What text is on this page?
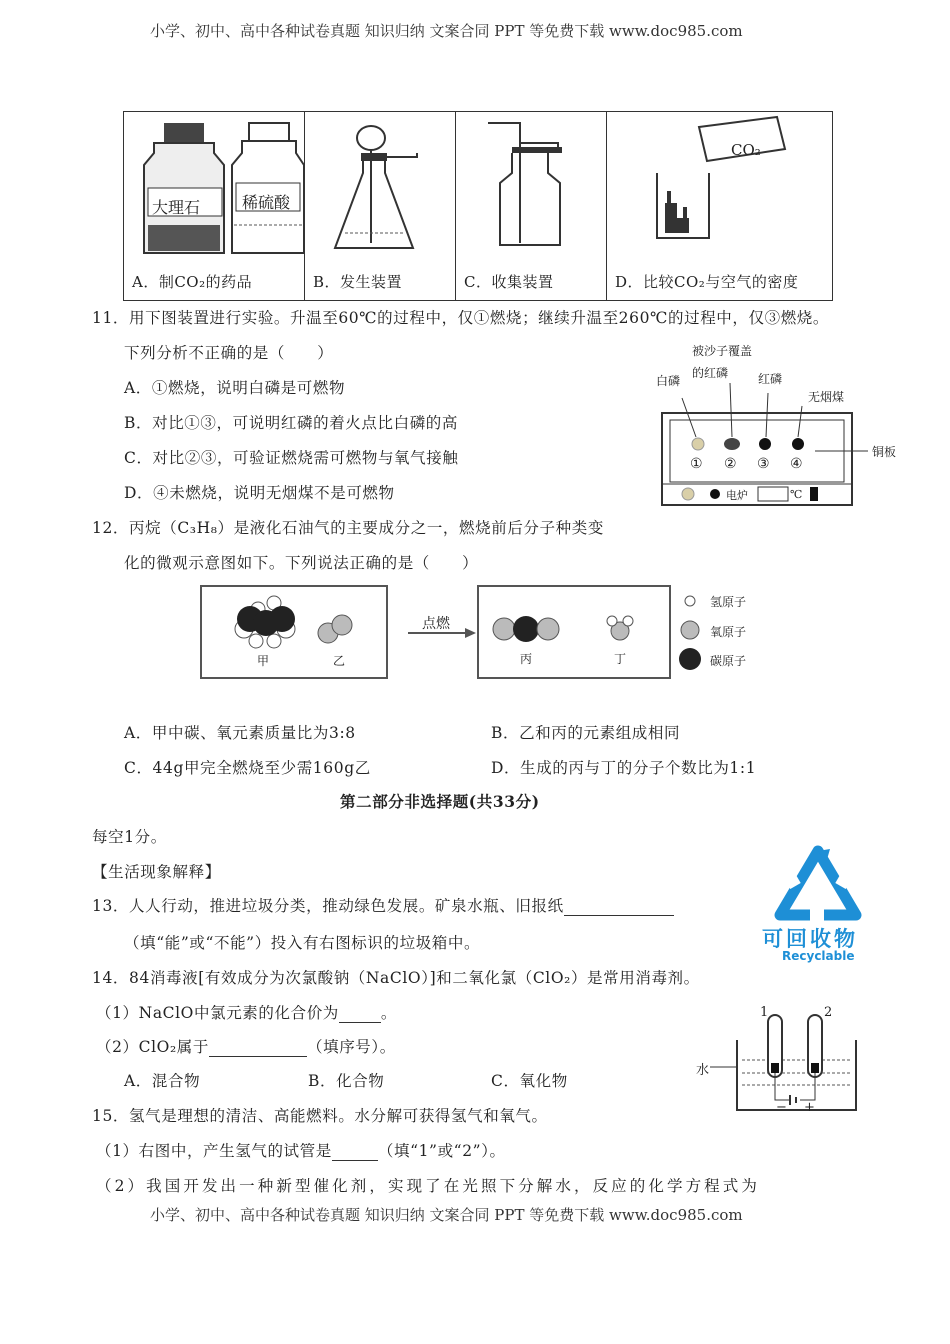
小学、初中、高中各种试卷真题 知识归纳 文案合同 PPT 等免费下载 www.doc985.com
大理石	稀硫酸
A．制CO₂的药品	B．发生装置	C．收集装置

CO₂
D．比较CO₂与空气的密度
11．用下图装置进行实验。升温至60℃的过程中，仅①燃烧；继续升温至260℃的过程中，仅③燃烧。
下列分析不正确的是（　　）
A．①燃烧，说明白磷是可燃物
B．对比①③，可说明红磷的着火点比白磷的高
C．对比②③，可验证燃烧需可燃物与氧气接触
D．④未燃烧，说明无烟煤不是可燃物
被沙子覆盖
的红磷
白磷	红磷
无烟煤
铜板
① ② ③ ④
电炉	℃
12．丙烷（C₃H₈）是液化石油气的主要成分之一，燃烧前后分子种类变
化的微观示意图如下。下列说法正确的是（　　）
甲	乙
点燃
丙	丁
氢原子
氧原子
碳原子
A．甲中碳、氧元素质量比为3:8	B．乙和丙的元素组成相同
C．44g甲完全燃烧至少需160g乙	D．生成的丙与丁的分子个数比为1:1
第二部分非选择题(共33分)
每空1分。
【生活现象解释】
13．人人行动，推进垃圾分类，推动绿色发展。矿泉水瓶、旧报纸
（填“能”或“不能”）投入有右图标识的垃圾箱中。	可回收物
Recyclable
14．84消毒液[有效成分为次氯酸钠（NaClO）]和二氧化氯（ClO₂）是常用消毒剂。
（1）NaClO中氯元素的化合价为	。
（2）ClO₂属于	（填序号）。
A．混合物	B．化合物	C．氧化物
水
1	2
− +
15．氢气是理想的清洁、高能燃料。水分解可获得氢气和氧气。
（1）右图中，产生氢气的试管是	（填“1”或“2”）。
（2）我国开发出一种新型催化剂，实现了在光照下分解水，反应的化学方程式为
小学、初中、高中各种试卷真题 知识归纳 文案合同 PPT 等免费下载 www.doc985.com
